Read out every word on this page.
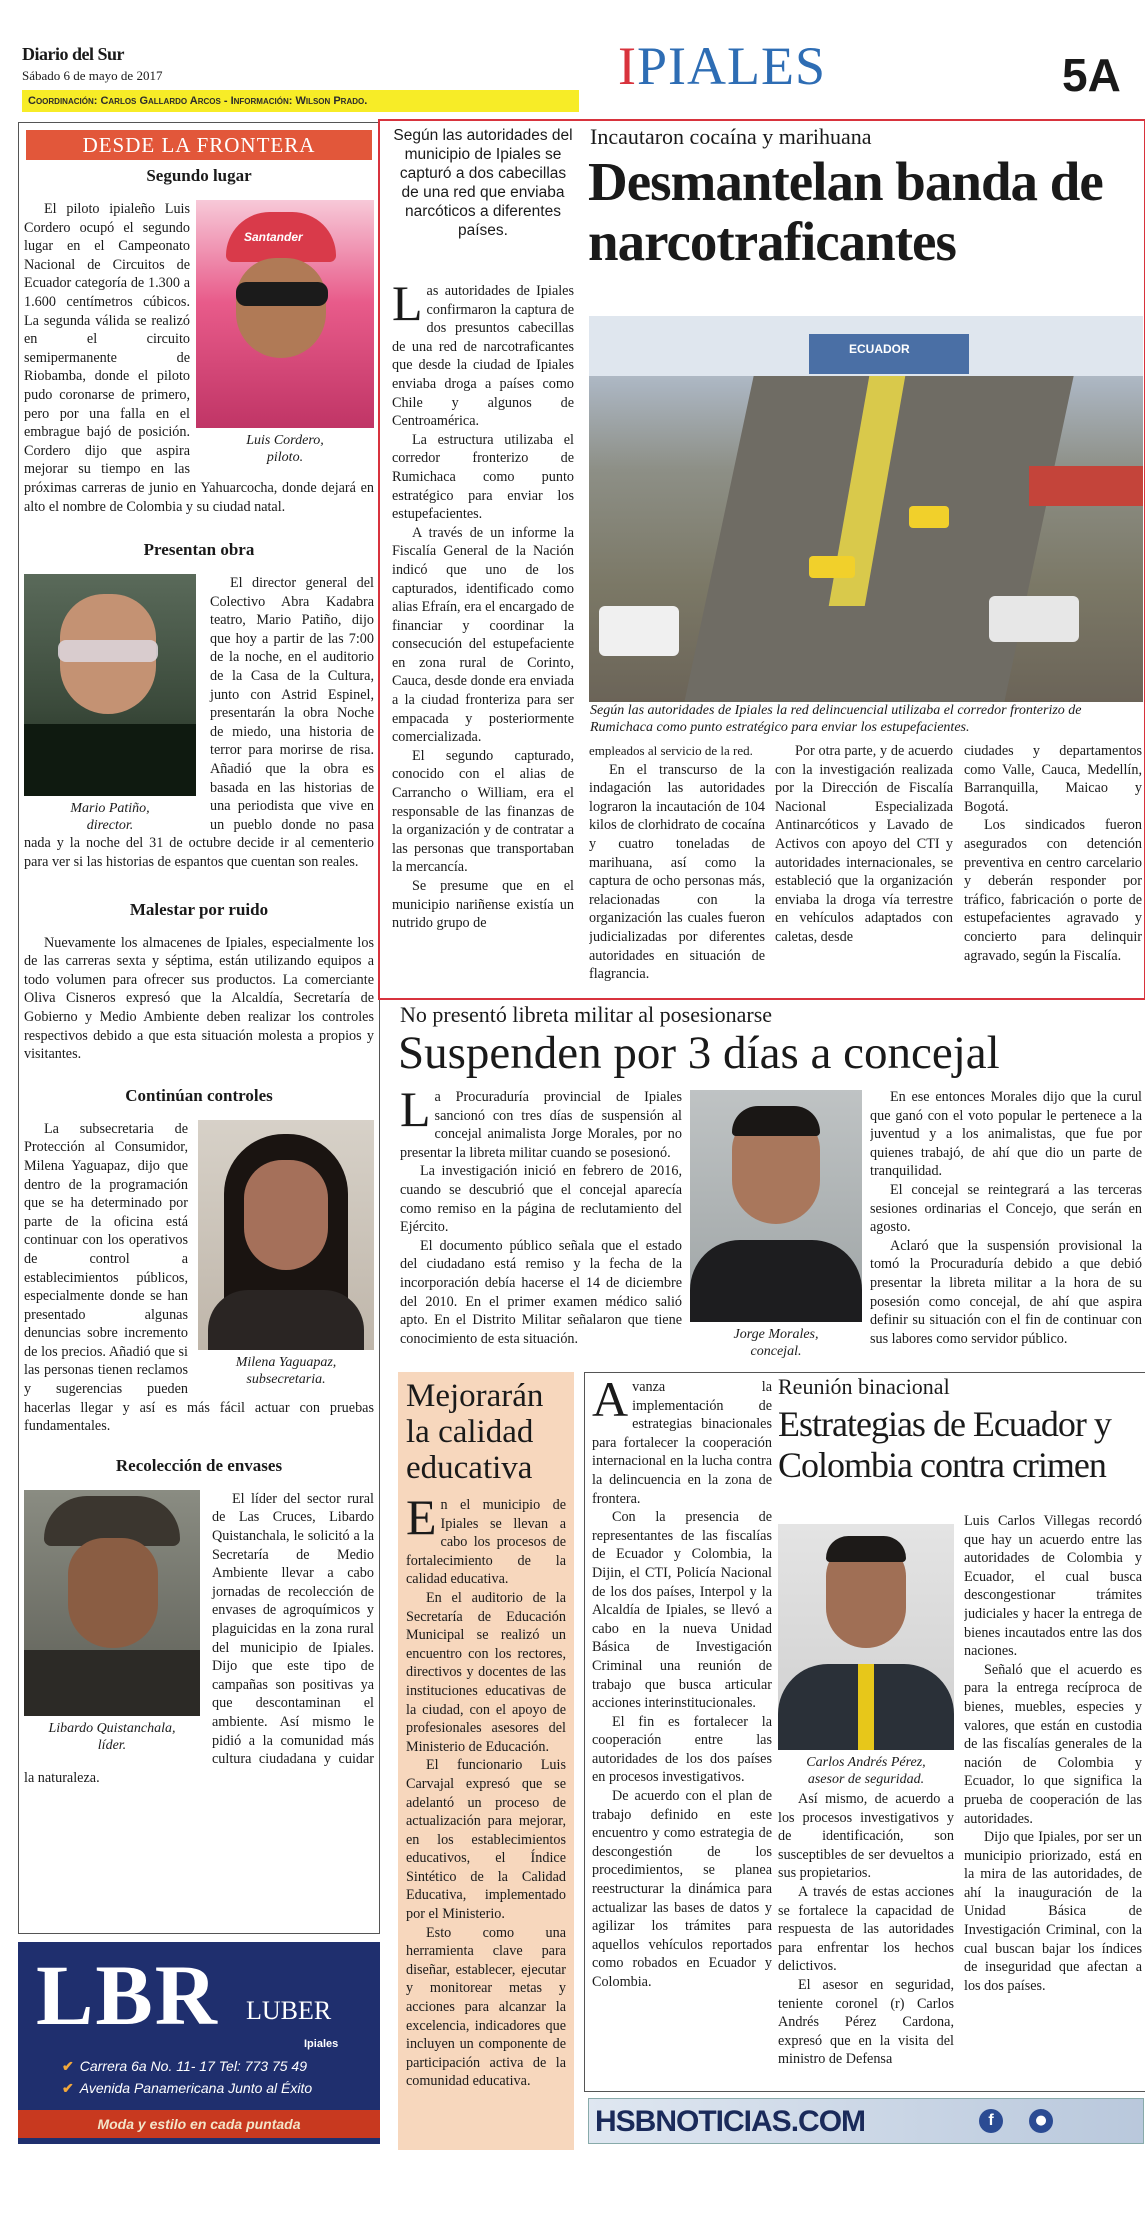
Diario del Sur
Sábado 6 de mayo de 2017
Coordinación: Carlos Gallardo Arcos - Información: Wilson Prado.
IPIALES	5A
DESDE LA FRONTERA
Segundo lugar
Santander
Luis Cordero,
piloto.

El piloto ipialeño Luis Cordero ocupó el segundo lugar en el Campeonato Nacional de Circuitos de Ecuador categoría de 1.300 a 1.600 centímetros cúbicos. La segunda válida se realizó en el circuito semipermanente de Riobamba, donde el piloto pudo coronarse de primero, pero por una falla en el embrague bajó de posición. Cordero dijo que aspira mejorar su tiempo en las próximas carreras de junio en Yahuarcocha, donde dejará en alto el nombre de Colombia y su ciudad natal.

Presentan obra
Mario Patiño,
director.

El director general del Colectivo Abra Kadabra teatro, Mario Patiño, dijo que hoy a partir de las 7:00 de la noche, en el auditorio de la Casa de la Cultura, junto con Astrid Espinel, presentarán la obra Noche de miedo, una historia de terror para morirse de risa. Añadió que la obra es basada en las historias de una periodista que vive en un pueblo donde no pasa nada y la noche del 31 de octubre decide ir al cementerio para ver si las historias de espantos que cuentan son reales.

Malestar por ruido

Nuevamente los almacenes de Ipiales, especialmente los de las carreras sexta y séptima, están utilizando equipos a todo volumen para ofrecer sus productos. La comerciante Oliva Cisneros expresó que la Alcaldía, Secretaría de Gobierno y Medio Ambiente deben realizar los controles respectivos debido a que esta situación molesta a propios y visitantes.

Continúan controles
Milena Yaguapaz,
subsecretaria.

La subsecretaria de Protección al Consumidor, Milena Yaguapaz, dijo que dentro de la programación que se ha determinado por parte de la oficina está continuar con los operativos de control a establecimientos públicos, especialmente donde se han presentado algunas denuncias sobre incremento de los precios. Añadió que si las personas tienen reclamos y sugerencias pueden hacerlas llegar y así es más fácil actuar con pruebas fundamentales.

Recolección de envases
Libardo Quistanchala,
líder.

El líder del sector rural de Las Cruces, Libardo Quistanchala, le solicitó a la Secretaría de Medio Ambiente llevar a cabo jornadas de recolección de envases de agroquímicos y plaguicidas en la zona rural del municipio de Ipiales. Dijo que este tipo de campañas son positivas ya que descontaminan el ambiente. Así mismo le pidió a la comunidad más cultura ciudadana y cuidar la naturaleza.

LBR LUBER
Ipiales
✔ Carrera 6a No. 11- 17 Tel: 773 75 49
✔ Avenida Panamericana Junto al Éxito
Moda y estilo en cada puntada
Según las autoridades del municipio de Ipiales se capturó a dos cabecillas de una red que enviaba narcóticos a diferentes países.

Las autoridades de Ipiales confirmaron la captura de dos presuntos cabecillas de una red de narcotraficantes que desde la ciudad de Ipiales enviaba droga a países como Chile y algunos de Centroamérica.

La estructura utilizaba el corredor fronterizo de Rumichaca como punto estratégico para enviar los estupefacientes.

A través de un informe la Fiscalía General de la Nación indicó que uno de los capturados, identificado como alias Efraín, era el encargado de financiar y coordinar la consecución del estupefaciente en zona rural de Corinto, Cauca, desde donde era enviada a la ciudad fronteriza para ser empacada y posteriormente comercializada.

El segundo capturado, conocido con el alias de Carrancho o William, era el responsable de las finanzas de la organización y de contratar a las personas que transportaban la mercancía.

Se presume que en el municipio nariñense existía un nutrido grupo de

Incautaron cocaína y marihuana
Desmantelan banda de narcotraficantes
ECUADOR
Según las autoridades de Ipiales la red delincuencial utilizaba el corredor fronterizo de Rumichaca como punto estratégico para enviar los estupefacientes.

empleados al servicio de la red.

En el transcurso de la indagación las autoridades lograron la incautación de 104 kilos de clorhidrato de cocaína y cuatro toneladas de marihuana, así como la captura de ocho personas más, relacionadas con la organización las cuales fueron judicializadas por diferentes autoridades en situación de flagrancia.

Por otra parte, y de acuerdo con la investigación realizada por la Dirección de Fiscalía Nacional Especializada Antinarcóticos y Lavado de Activos con apoyo del CTI y autoridades internacionales, se estableció que la organización enviaba la droga vía terrestre en vehículos adaptados con caletas, desde

ciudades y departamentos como Valle, Cauca, Medellín, Barranquilla, Maicao y Bogotá.

Los sindicados fueron asegurados con detención preventiva en centro carcelario y deberán responder por tráfico, fabricación o porte de estupefacientes agravado y concierto para delinquir agravado, según la Fiscalía.

No presentó libreta militar al posesionarse
Suspenden por 3 días a concejal

La Procuraduría provincial de Ipiales sancionó con tres días de suspensión al concejal animalista Jorge Morales, por no presentar la libreta militar cuando se posesionó.

La investigación inició en febrero de 2016, cuando se descubrió que el concejal aparecía como remiso en la página de reclutamiento del Ejército.

El documento público señala que el estado del ciudadano está remiso y la fecha de la incorporación debía hacerse el 14 de diciembre del 2010. En el primer examen médico salió apto. En el Distrito Militar señalaron que tiene conocimiento de esta situación.	Jorge Morales,
concejal.

En ese entonces Morales dijo que la curul que ganó con el voto popular le pertenece a la juventud y a los animalistas, que fue por quienes trabajó, de ahí que dio un parte de tranquilidad.

El concejal se reintegrará a las terceras sesiones ordinarias el Concejo, que serán en agosto.

Aclaró que la suspensión provisional la tomó la Procuraduría debido a que debió presentar la libreta militar a la hora de su posesión como concejal, de ahí que aspira definir su situación con el fin de continuar con sus labores como servidor público.

Mejorarán la calidad educativa

En el municipio de Ipiales se llevan a cabo los procesos de fortalecimiento de la calidad educativa.

En el auditorio de la Secretaría de Educación Municipal se realizó un encuentro con los rectores, directivos y docentes de las instituciones educativas de la ciudad, con el apoyo de profesionales asesores del Ministerio de Educación.

El funcionario Luis Carvajal expresó que se adelantó un proceso de actualización para mejorar, en los establecimientos educativos, el Índice Sintético de la Calidad Educativa, implementado por el Ministerio.

Esto como una herramienta clave para diseñar, establecer, ejecutar y monitorear metas y acciones para alcanzar la excelencia, indicadores que incluyen un componente de participación activa de la comunidad educativa.

Avanza la implementación de estrategias binacionales para fortalecer la cooperación internacional en la lucha contra la delincuencia en la zona de frontera.

Con la presencia de representantes de las fiscalías de Ecuador y Colombia, la Dijin, el CTI, Policía Nacional de los dos países, Interpol y la Alcaldía de Ipiales, se llevó a cabo en la nueva Unidad Básica de Investigación Criminal una reunión de trabajo que busca articular acciones interinstitucionales.

El fin es fortalecer la cooperación entre las autoridades de los dos países en procesos investigativos.

De acuerdo con el plan de trabajo definido en este encuentro y como estrategia de descongestión de los procedimientos, se planea reestructurar la dinámica para actualizar las bases de datos y agilizar los trámites para aquellos vehículos reportados como robados en Ecuador y Colombia.

Reunión binacional
Estrategias de Ecuador y Colombia contra crimen
Carlos Andrés Pérez,
asesor de seguridad.

Así mismo, de acuerdo a los procesos investigativos y de identificación, son susceptibles de ser devueltos a sus propietarios.

A través de estas acciones se fortalece la capacidad de respuesta de las autoridades para enfrentar los hechos delictivos.

El asesor en seguridad, teniente coronel (r) Carlos Andrés Pérez Cardona, expresó que en la visita del ministro de Defensa

Luis Carlos Villegas recordó que hay un acuerdo entre las autoridades de Colombia y Ecuador, el cual busca descongestionar trámites judiciales y hacer la entrega de bienes incautados entre las dos naciones.

Señaló que el acuerdo es para la entrega recíproca de bienes, muebles, especies y valores, que están en custodia de las fiscalías generales de la nación de Colombia y Ecuador, lo que significa la prueba de cooperación de las autoridades.

Dijo que Ipiales, por ser un municipio priorizado, está en la mira de las autoridades, de ahí la inauguración de la Unidad Básica de Investigación Criminal, con la cual buscan bajar los índices de inseguridad que afectan a los dos países.

HSBNOTICIAS.COM	f	●
